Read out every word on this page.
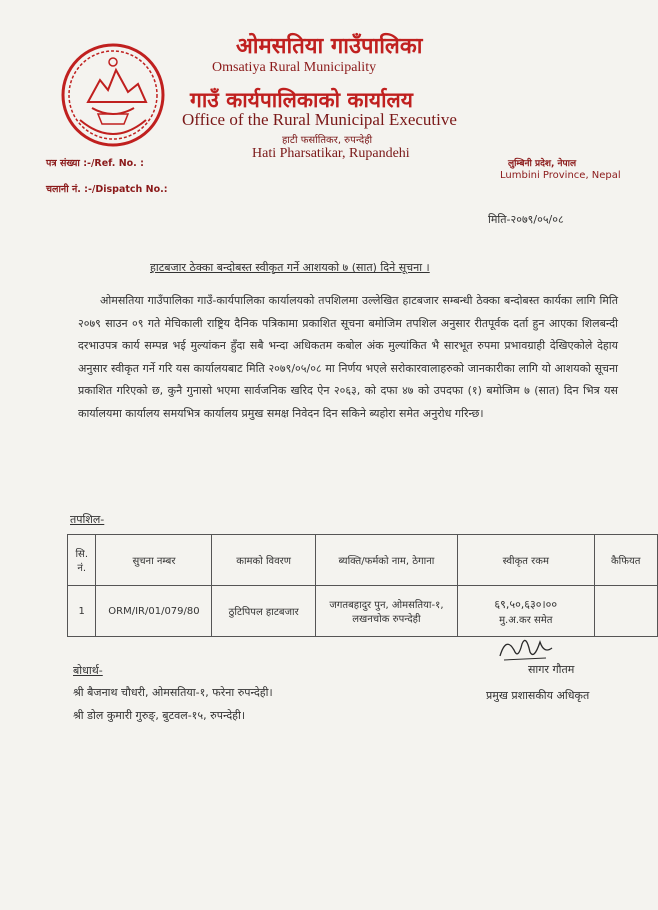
ओमसतिया गाउँपालिका
Omsatiya Rural Municipality
गाउँ कार्यपालिकाको कार्यालय
Office of the Rural Municipal Executive
हाटी फर्सातिकर, रुपन्देही
Hati Pharsatikar, Rupandehi
पत्र संख्या :-/Ref. No. :
चलानी नं. :-/Dispatch No.:
लुम्बिनी प्रदेश, नेपाल
Lumbini Province, Nepal
मिति-२०७९/०५/०८
हाटबजार ठेक्का बन्दोबस्त स्वीकृत गर्ने आशयको ७ (सात) दिने सूचना ।
ओमसतिया गाउँपालिका गाउँ-कार्यपालिका कार्यालयको तपशिलमा उल्लेखित हाटबजार सम्बन्धी ठेक्का बन्दोबस्त कार्यका लागि मिति २०७९ साउन ०९ गते मेचिकाली राष्ट्रिय दैनिक पत्रिकामा प्रकाशित सूचना बमोजिम तपशिल अनुसार रीतपूर्वक दर्ता हुन आएका शिलबन्दी दरभाउपत्र कार्य सम्पन्न भई मुल्यांकन हुँदा सबै भन्दा अधिकतम कबोल अंक मुल्यांकित भै सारभूत रुपमा प्रभावग्राही देखिएकोले देहाय अनुसार स्वीकृत गर्ने गरि यस कार्यालयबाट मिति २०७९/०५/०८ मा निर्णय भए‍ले सरोकारवालाहरुको जानकारीका लागि यो आशयको सूचना प्रकाशित गरिएको छ, कुनै गुनासो भएमा सार्वजनिक खरिद ऐन २०६३, को दफा ४७ को उपदफा (१) बमोजिम ७ (सात) दिन भित्र यस कार्यालयमा कार्यालय समयभित्र कार्यालय प्रमुख समक्ष निवेदन दिन सकिने ब्यहोरा समेत अनुरोध गरिन्छ।
तपशिल-
सि. नं.	सुचना नम्बर	कामको विवरण	ब्यक्ति/फर्मको नाम, ठेगाना	स्वीकृत रकम	कैफियत
1	ORM/IR/01/079/80	ठुटिपिपल हाटबजार	जगतबहादुर पुन, ओमसतिया-१, लखनचोक रुपन्देही	६९,५०,६३०।००
मु.अ.कर समेत	

सागर गौतम
प्रमुख प्रशासकीय अधिकृत
बोधार्थ-
श्री बैजनाथ चौधरी, ओमसतिया-१, फरेना रुपन्देही।
श्री डोल कुमारी गुरुङ्, बुटवल-१५, रुपन्देही।
